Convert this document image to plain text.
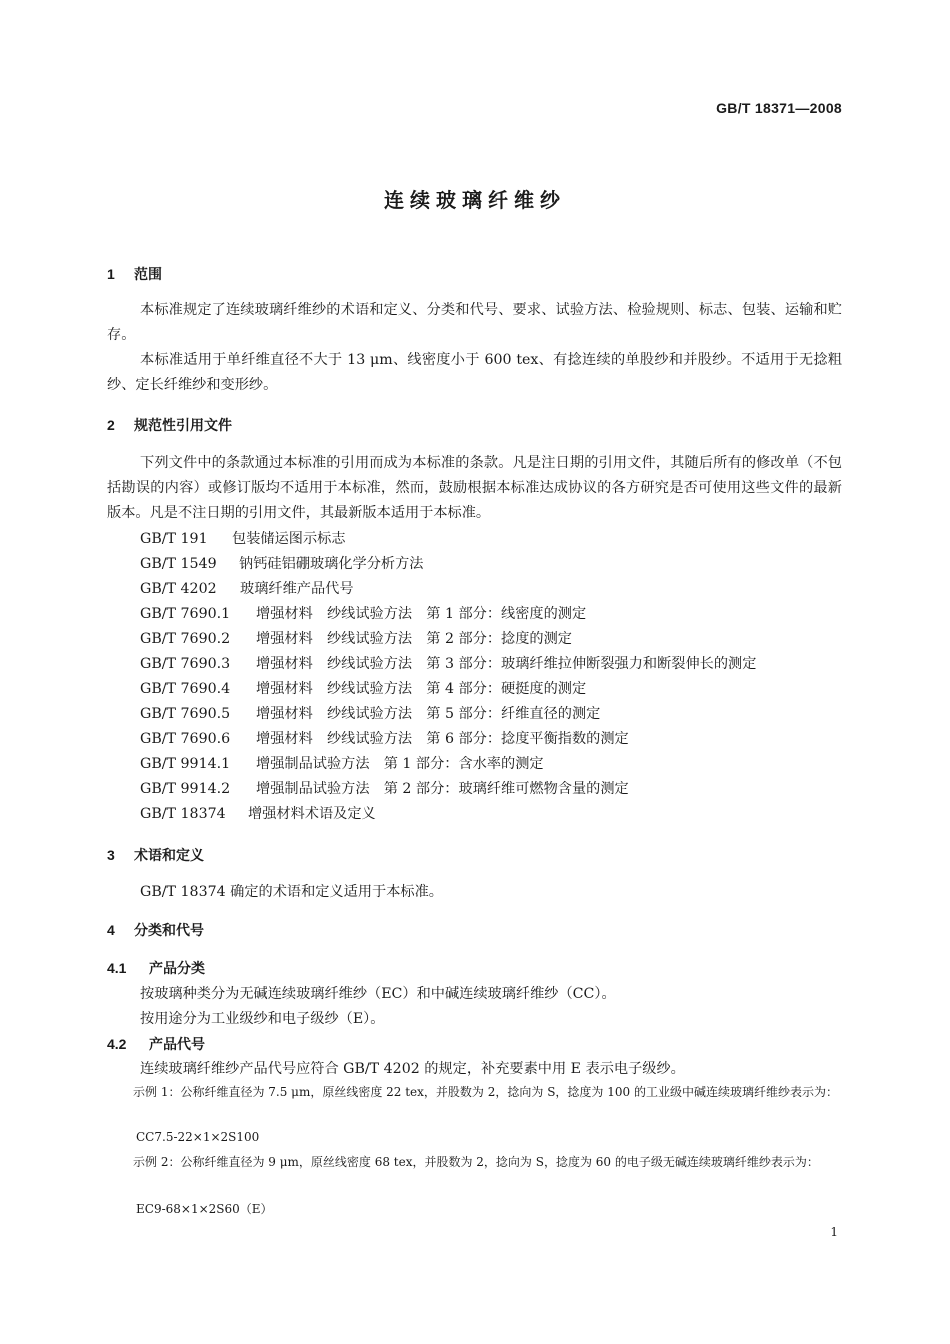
GB/T 18371—2008
连续玻璃纤维纱
1 范围
本标准规定了连续玻璃纤维纱的术语和定义、分类和代号、要求、试验方法、检验规则、标志、包装、运输和贮存。
本标准适用于单纤维直径不大于 13 μm、线密度小于 600 tex、有捻连续的单股纱和并股纱。不适用于无捻粗纱、定长纤维纱和变形纱。
2 规范性引用文件
下列文件中的条款通过本标准的引用而成为本标准的条款。凡是注日期的引用文件，其随后所有的修改单（不包括勘误的内容）或修订版均不适用于本标准，然而，鼓励根据本标准达成协议的各方研究是否可使用这些文件的最新版本。凡是不注日期的引用文件，其最新版本适用于本标准。
GB/T 191 包装储运图示标志
GB/T 1549 钠钙硅铝硼玻璃化学分析方法
GB/T 4202 玻璃纤维产品代号
GB/T 7690.1 增强材料　纱线试验方法　第 1 部分：线密度的测定
GB/T 7690.2 增强材料　纱线试验方法　第 2 部分：捻度的测定
GB/T 7690.3 增强材料　纱线试验方法　第 3 部分：玻璃纤维拉伸断裂强力和断裂伸长的测定
GB/T 7690.4 增强材料　纱线试验方法　第 4 部分：硬挺度的测定
GB/T 7690.5 增强材料　纱线试验方法　第 5 部分：纤维直径的测定
GB/T 7690.6 增强材料　纱线试验方法　第 6 部分：捻度平衡指数的测定
GB/T 9914.1 增强制品试验方法　第 1 部分：含水率的测定
GB/T 9914.2 增强制品试验方法　第 2 部分：玻璃纤维可燃物含量的测定
GB/T 18374 增强材料术语及定义
3 术语和定义
GB/T 18374 确定的术语和定义适用于本标准。
4 分类和代号
4.1 产品分类
按玻璃种类分为无碱连续玻璃纤维纱（EC）和中碱连续玻璃纤维纱（CC）。
按用途分为工业级纱和电子级纱（E）。
4.2 产品代号
连续玻璃纤维纱产品代号应符合 GB/T 4202 的规定，补充要素中用 E 表示电子级纱。
示例 1：公称纤维直径为 7.5 μm，原丝线密度 22 tex，并股数为 2，捻向为 S，捻度为 100 的工业级中碱连续玻璃纤维纱表示为：
CC7.5-22×1×2S100
示例 2：公称纤维直径为 9 μm，原丝线密度 68 tex，并股数为 2，捻向为 S，捻度为 60 的电子级无碱连续玻璃纤维纱表示为：
EC9-68×1×2S60（E）
1
